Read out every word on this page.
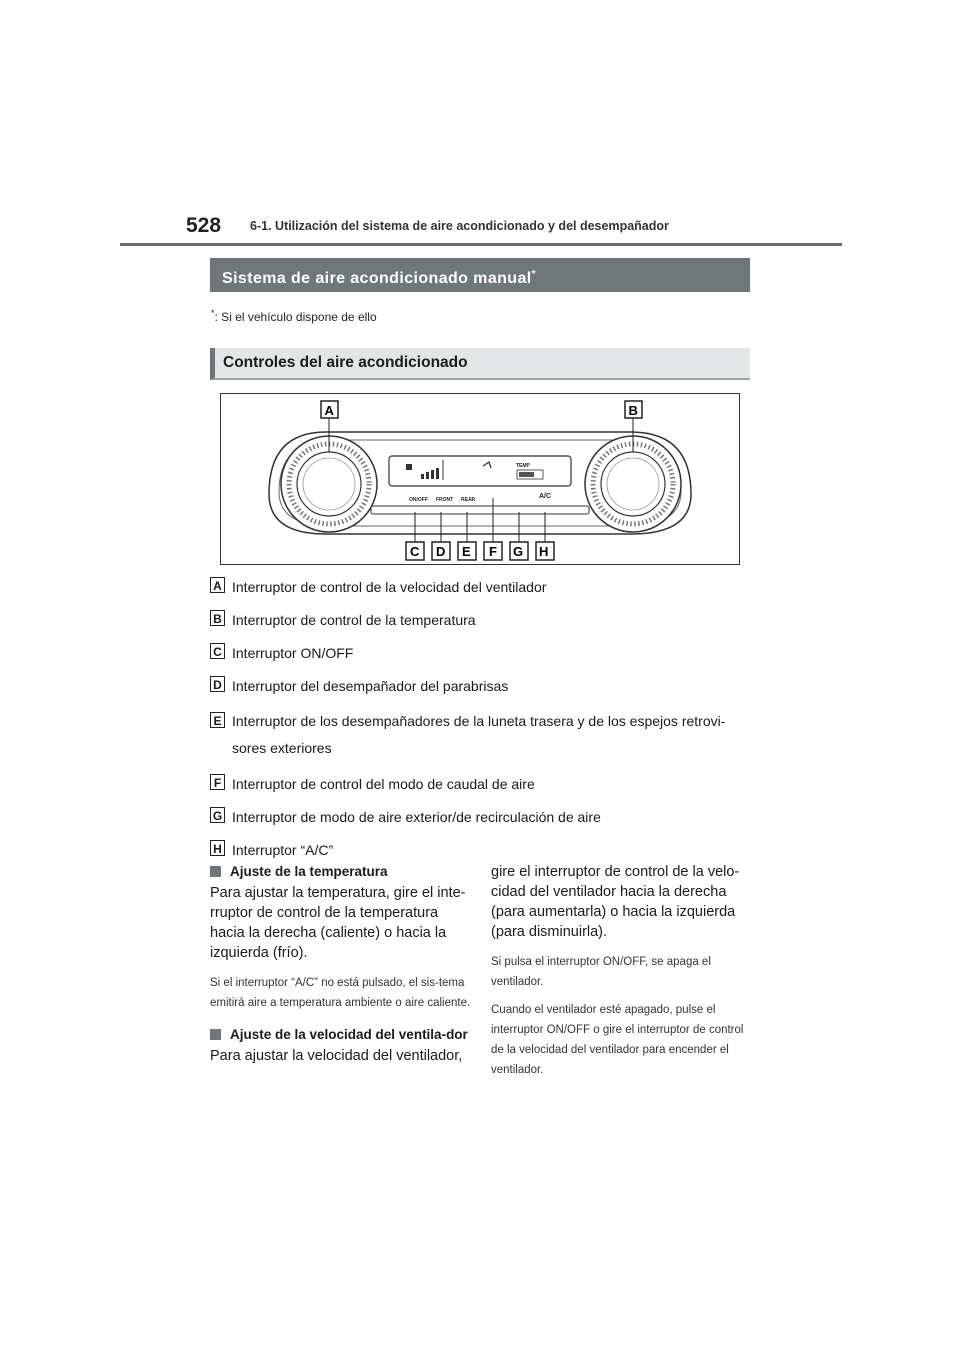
528 6-1. Utilización del sistema de aire acondicionado y del desempañador
Sistema de aire acondicionado manual*
*: Si el vehículo dispone de ello
Controles del aire acondicionado
TEMP
ON/OFF FRONT REAR	A/C
A	B
C D E F G H
A Interruptor de control de la velocidad del ventilador
B Interruptor de control de la temperatura
C Interruptor ON/OFF
D Interruptor del desempañador del parabrisas
E Interruptor de los desempañadores de la luneta trasera y de los espejos retrovi-
sores exteriores
F Interruptor de control del modo de caudal de aire
G Interruptor de modo de aire exterior/de recirculación de aire
H Interruptor “A/C”
Ajuste de la temperatura

Para ajustar la temperatura, gire el inte-rruptor de control de la temperatura hacia la derecha (caliente) o hacia la izquierda (frío).

Si el interruptor “A/C” no está pulsado, el sis-tema emitirá aire a temperatura ambiente o aire caliente.

Ajuste de la velocidad del ventila-dor

Para ajustar la velocidad del ventilador,

gire el interruptor de control de la velo-cidad del ventilador hacia la derecha (para aumentarla) o hacia la izquierda (para disminuirla).

Si pulsa el interruptor ON/OFF, se apaga el ventilador.

Cuando el ventilador esté apagado, pulse el interruptor ON/OFF o gire el interruptor de control de la velocidad del ventilador para encender el ventilador.
